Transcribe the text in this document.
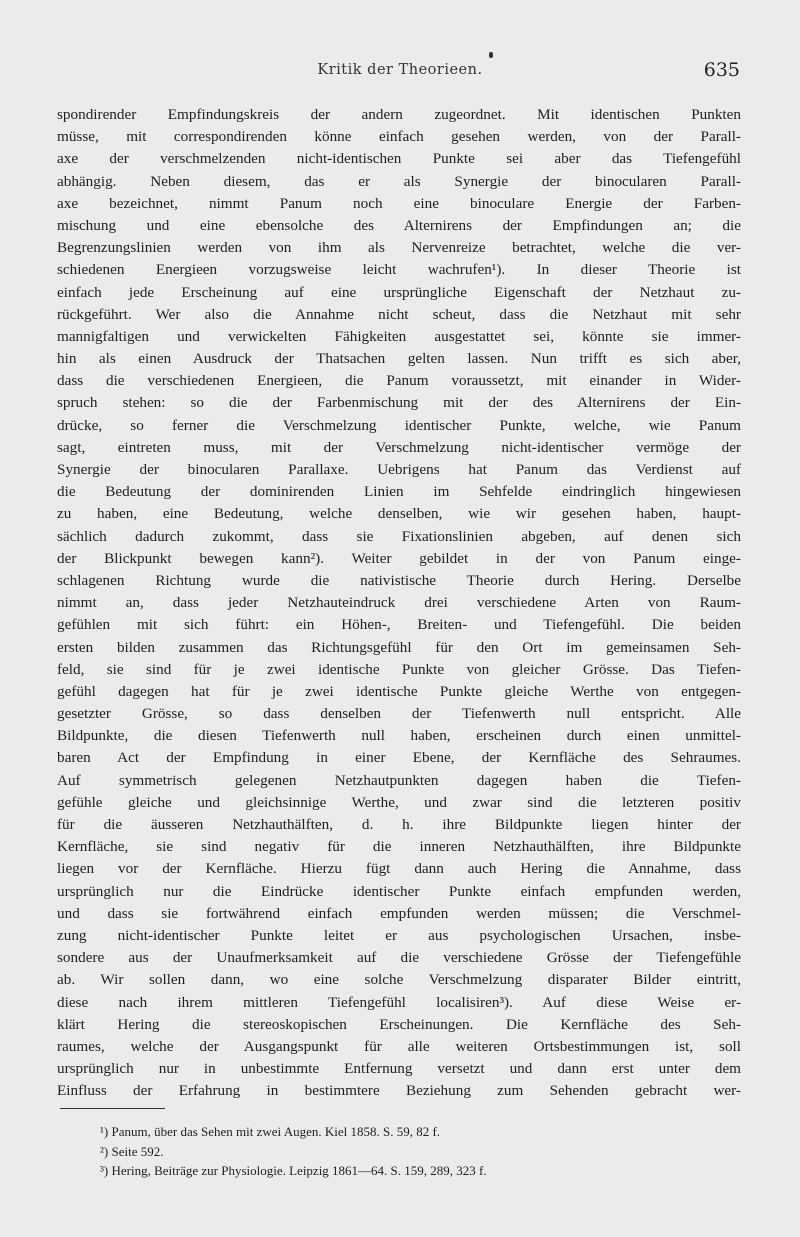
Kritik der Theorieen.	635
spondirender Empfindungskreis der andern zugeordnet. Mit identischen Punkten
müsse, mit correspondirenden könne einfach gesehen werden, von der Parall-
axe der verschmelzenden nicht-identischen Punkte sei aber das Tiefengefühl
abhängig. Neben diesem, das er als Synergie der binocularen Parall-
axe bezeichnet, nimmt Panum noch eine binoculare Energie der Farben-
mischung und eine ebensolche des Alternirens der Empfindungen an; die
Begrenzungslinien werden von ihm als Nervenreize betrachtet, welche die ver-
schiedenen Energieen vorzugsweise leicht wachrufen¹). In dieser Theorie ist
einfach jede Erscheinung auf eine ursprüngliche Eigenschaft der Netzhaut zu-
rückgeführt. Wer also die Annahme nicht scheut, dass die Netzhaut mit sehr
mannigfaltigen und verwickelten Fähigkeiten ausgestattet sei, könnte sie immer-
hin als einen Ausdruck der Thatsachen gelten lassen. Nun trifft es sich aber,
dass die verschiedenen Energieen, die Panum voraussetzt, mit einander in Wider-
spruch stehen: so die der Farbenmischung mit der des Alternirens der Ein-
drücke, so ferner die Verschmelzung identischer Punkte, welche, wie Panum
sagt, eintreten muss, mit der Verschmelzung nicht-identischer vermöge der
Synergie der binocularen Parallaxe. Uebrigens hat Panum das Verdienst auf
die Bedeutung der dominirenden Linien im Sehfelde eindringlich hingewiesen
zu haben, eine Bedeutung, welche denselben, wie wir gesehen haben, haupt-
sächlich dadurch zukommt, dass sie Fixationslinien abgeben, auf denen sich
der Blickpunkt bewegen kann²). Weiter gebildet in der von Panum einge-
schlagenen Richtung wurde die nativistische Theorie durch Hering. Derselbe
nimmt an, dass jeder Netzhauteindruck drei verschiedene Arten von Raum-
gefühlen mit sich führt: ein Höhen-, Breiten- und Tiefengefühl. Die beiden
ersten bilden zusammen das Richtungsgefühl für den Ort im gemeinsamen Seh-
feld, sie sind für je zwei identische Punkte von gleicher Grösse. Das Tiefen-
gefühl dagegen hat für je zwei identische Punkte gleiche Werthe von entgegen-
gesetzter Grösse, so dass denselben der Tiefenwerth null entspricht. Alle
Bildpunkte, die diesen Tiefenwerth null haben, erscheinen durch einen unmittel-
baren Act der Empfindung in einer Ebene, der Kernfläche des Sehraumes.
Auf symmetrisch gelegenen Netzhautpunkten dagegen haben die Tiefen-
gefühle gleiche und gleichsinnige Werthe, und zwar sind die letzteren positiv
für die äusseren Netzhauthälften, d. h. ihre Bildpunkte liegen hinter der
Kernfläche, sie sind negativ für die inneren Netzhauthälften, ihre Bildpunkte
liegen vor der Kernfläche. Hierzu fügt dann auch Hering die Annahme, dass
ursprünglich nur die Eindrücke identischer Punkte einfach empfunden werden,
und dass sie fortwährend einfach empfunden werden müssen; die Verschmel-
zung nicht-identischer Punkte leitet er aus psychologischen Ursachen, insbe-
sondere aus der Unaufmerksamkeit auf die verschiedene Grösse der Tiefengefühle
ab. Wir sollen dann, wo eine solche Verschmelzung disparater Bilder eintritt,
diese nach ihrem mittleren Tiefengefühl localisiren³). Auf diese Weise er-
klärt Hering die stereoskopischen Erscheinungen. Die Kernfläche des Seh-
raumes, welche der Ausgangspunkt für alle weiteren Ortsbestimmungen ist, soll
ursprünglich nur in unbestimmte Entfernung versetzt und dann erst unter dem
Einfluss der Erfahrung in bestimmtere Beziehung zum Sehenden gebracht wer-
¹) Panum, über das Sehen mit zwei Augen. Kiel 1858. S. 59, 82 f.
²) Seite 592.
³) Hering, Beiträge zur Physiologie. Leipzig 1861—64. S. 159, 289, 323 f.
